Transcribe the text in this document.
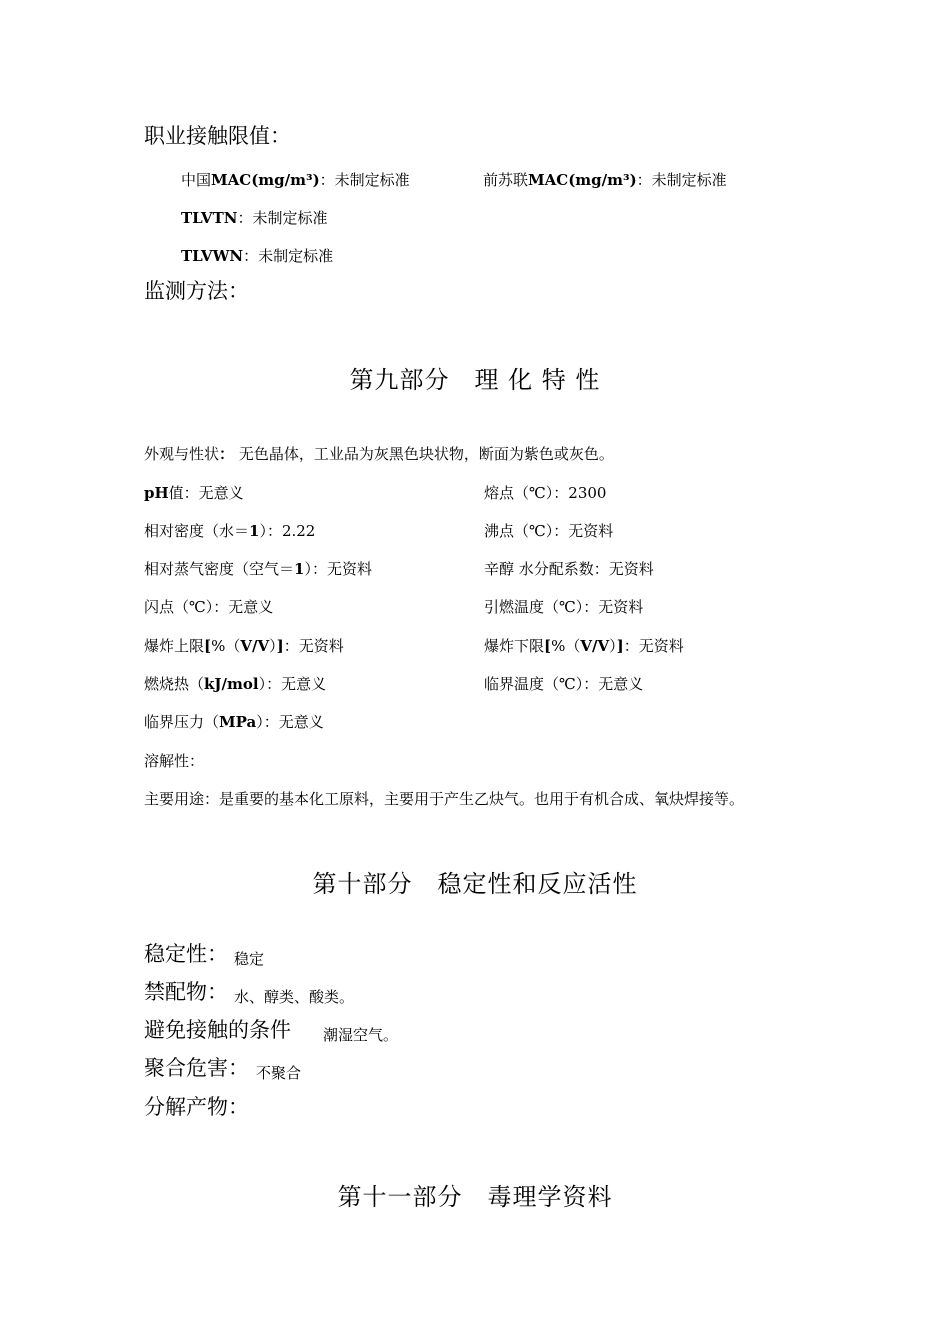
职业接触限值：
中国MAC(mg/m³)：未制定标准	前苏联MAC(mg/m³)：未制定标准
TLVTN：未制定标准
TLVWN：未制定标准
监测方法：
第九部分　理 化 特 性
外观与性状： 无色晶体，工业品为灰黑色块状物，断面为紫色或灰色。
pH值：无意义	熔点（℃）：2300
相对密度（水＝1）：2.22	沸点（℃）：无资料
相对蒸气密度（空气＝1）：无资料	辛醇 水分配系数：无资料
闪点（℃）：无意义	引燃温度（℃）：无资料
爆炸上限[%（V/V）]：无资料	爆炸下限[%（V/V）]：无资料
燃烧热（kJ/mol）：无意义	临界温度（℃）：无意义
临界压力（MPa）：无意义
溶解性：
主要用途：是重要的基本化工原料，主要用于产生乙炔气。也用于有机合成、氧炔焊接等。
第十部分　稳定性和反应活性
稳定性： 稳定
禁配物： 水、醇类、酸类。
避免接触的条件 潮湿空气。
聚合危害： 不聚合
分解产物：
第十一部分　毒理学资料
